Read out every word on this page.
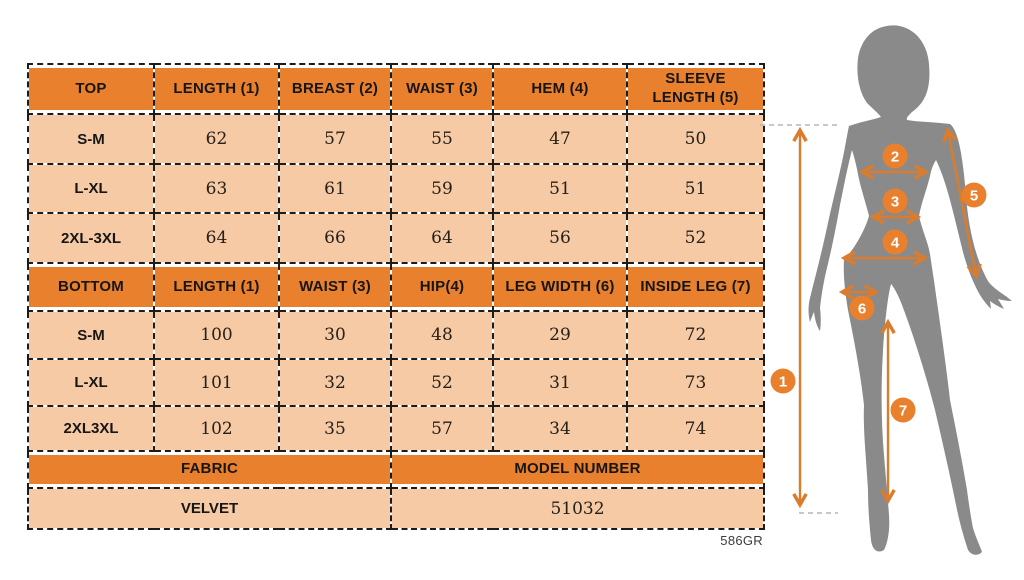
TOP	LENGTH (1)	BREAST (2)	WAIST (3)	HEM (4)	SLEEVE LENGTH (5)
S-M	62	57	55	47	50
L-XL	63	61	59	51	51
2XL-3XL	64	66	64	56	52
BOTTOM	LENGTH (1)	WAIST (3)	HIP(4)	LEG WIDTH (6)	INSIDE LEG (7)
S-M	100	30	48	29	72
L-XL	101	32	52	31	73
2XL3XL	102	35	57	34	74
FABRIC			MODEL NUMBER		
VELVET			51032		
586GR
1
2
3
4
5
6
7
